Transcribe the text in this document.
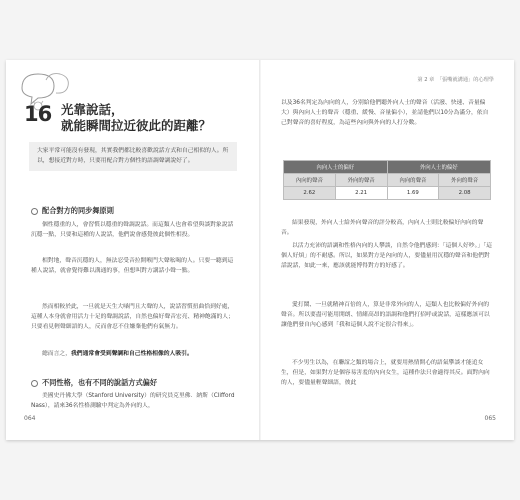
16 光靠說話，
就能瞬間拉近彼此的距離？
大家平常可能沒有發現，其實我們都比較喜歡說話方式和自己相似的人。所以，想接近對方時，只要用配合對方個性的語調聲調說好了。
配合對方的同步舞原則

個性穩重的人，會習慣以穩重的聲調說話。而這類人也會希望與談對象說話沉穩一點，只要和這種的人說話，他們說會感覺彼此個性相投。

相對地，聲音沉穩的人，無法忍受音拉開喉門大聲吆喝的人。只要一聽到這種人說話，就會覺得難以溝通的事，但想叫對方講話小聲一點。

然而相較於此，一旦就是天生大嗓門且大聲的人，說話習慣扭曲恰到好處，這種人本身就會用活力十足的聲調說話，自然也偏好聲音宏亮、精神飽滿的人；只要看見輕聲細語的人，反而會忍不住嫌棄他們有氣無力。

總而言之，我們通常會受到聲調和自己性格相像的人吸引。

不同性格，也有不同的說話方式偏好

美國史丹佛大學（Stanford University）的研究員克里佛．納斯（Clifford Nass），請來36名性格測驗中判定為外向的人，

064
第 2 章　「張嘴就溝通」的心理學

以及36名判定為內向的人，分別給他們聽外向人士的聲音（活潑、快速、音量偏大）與內向人士的聲音（穩重、緩慢、音量偏小），並請他們以10分為滿分，依自己對聲音的喜好程度，為這些內向與外向的人打分數。

內向人士的偏好		外向人士的偏好	
內向的聲音	外向的聲音	內向的聲音	外向的聲音
2.62	2.21	1.69	2.08

結果發現，外向人士給外向聲音的評分較高，內向人士則比較偏好內向的聲音。

以活力充沛的語調和性格內向的人攀談，自然令他們感到：「這個人好吵。」「這個人好煩」的不耐感。所以，如果對方是內向的人，要儘量用沉穩的聲音和他們對話說話，如此一來，應該就能博得對方的好感了。

愛打鬧、一旦就精神百倍的人，算是非常外向的人，這類人也比較偏好外向的聲音。所以要盡可能用開朗、情緒高昂的語調和他們打招呼或說話，這樣應該可以讓他們發自內心感到「我和這個人說不定很合得來」。

不少男生以為，在聯誼之類的場合上，就要用熱情開心的語氣攀談才能追女生，但是，如果對方是個容易害羞的內向女生，這種作法只會適得其反。面對內向的人，要儘量輕聲細語，彼此

065
